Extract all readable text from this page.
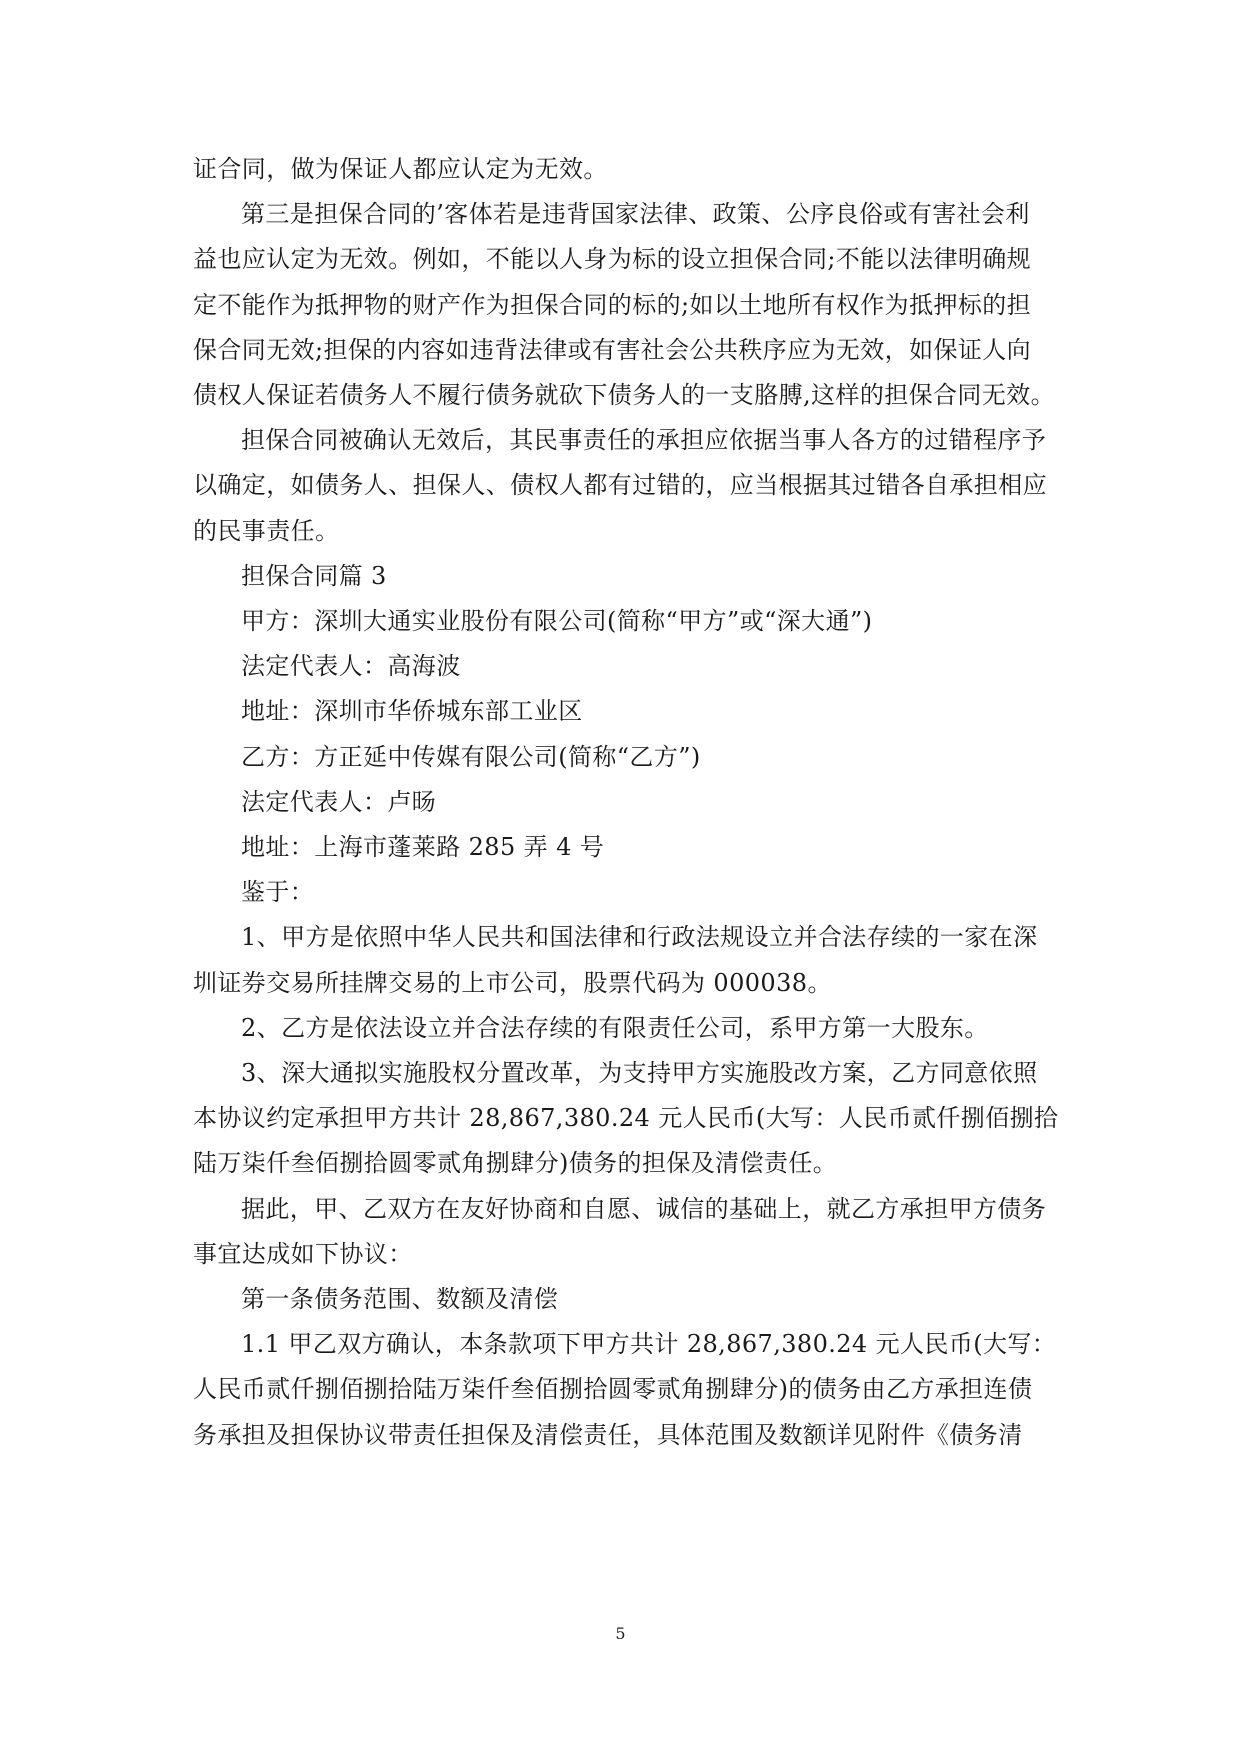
证合同，做为保证人都应认定为无效。
第三是担保合同的’客体若是违背国家法律、政策、公序良俗或有害社会利
益也应认定为无效。例如，不能以人身为标的设立担保合同;不能以法律明确规
定不能作为抵押物的财产作为担保合同的标的;如以土地所有权作为抵押标的担
保合同无效;担保的内容如违背法律或有害社会公共秩序应为无效，如保证人向
债权人保证若债务人不履行债务就砍下债务人的一支胳膊,这样的担保合同无效。
担保合同被确认无效后，其民事责任的承担应依据当事人各方的过错程序予
以确定，如债务人、担保人、债权人都有过错的，应当根据其过错各自承担相应
的民事责任。
担保合同篇 3
甲方：深圳大通实业股份有限公司(简称“甲方”或“深大通”)
法定代表人：高海波
地址：深圳市华侨城东部工业区
乙方：方正延中传媒有限公司(简称“乙方”)
法定代表人：卢旸
地址：上海市蓬莱路 285 弄 4 号
鉴于：
1、甲方是依照中华人民共和国法律和行政法规设立并合法存续的一家在深
圳证券交易所挂牌交易的上市公司，股票代码为 000038。
2、乙方是依法设立并合法存续的有限责任公司，系甲方第一大股东。
3、深大通拟实施股权分置改革，为支持甲方实施股改方案，乙方同意依照
本协议约定承担甲方共计 28,867,380.24 元人民币(大写：人民币贰仟捌佰捌拾
陆万柒仟叁佰捌拾圆零贰角捌肆分)债务的担保及清偿责任。
据此，甲、乙双方在友好协商和自愿、诚信的基础上，就乙方承担甲方债务
事宜达成如下协议：
第一条债务范围、数额及清偿
1.1 甲乙双方确认，本条款项下甲方共计 28,867,380.24 元人民币(大写：
人民币贰仟捌佰捌拾陆万柒仟叁佰捌拾圆零贰角捌肆分)的债务由乙方承担连债
务承担及担保协议带责任担保及清偿责任，具体范围及数额详见附件《债务清
5
